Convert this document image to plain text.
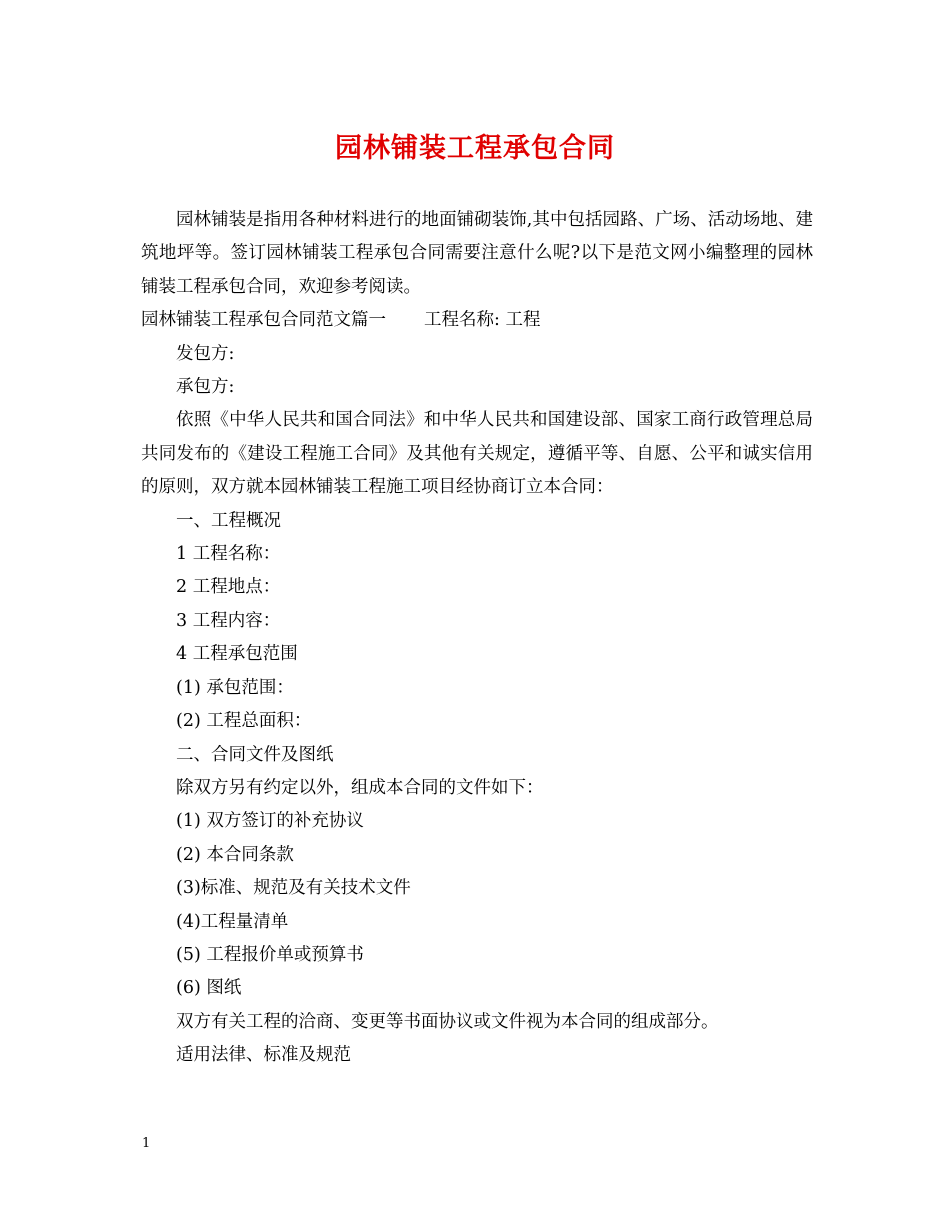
园林铺装工程承包合同

园林铺装是指用各种材料进行的地面铺砌装饰,其中包括园路、广场、活动场地、建筑地坪等。签订园林铺装工程承包合同需要注意什么呢?以下是范文网小编整理的园林铺装工程承包合同，欢迎参考阅读。

园林铺装工程承包合同范文篇一 工程名称: 工程

发包方:

承包方:

依照《中华人民共和国合同法》和中华人民共和国建设部、国家工商行政管理总局共同发布的《建设工程施工合同》及其他有关规定，遵循平等、自愿、公平和诚实信用的原则，双方就本园林铺装工程施工项目经协商订立本合同：

一、工程概况

1 工程名称：

2 工程地点：

3 工程内容：

4 工程承包范围

(1) 承包范围：

(2) 工程总面积：

二、合同文件及图纸

除双方另有约定以外，组成本合同的文件如下：

(1) 双方签订的补充协议

(2) 本合同条款

(3)标准、规范及有关技术文件

(4)工程量清单

(5) 工程报价单或预算书

(6) 图纸

双方有关工程的洽商、变更等书面协议或文件视为本合同的组成部分。

适用法律、标准及规范

1
